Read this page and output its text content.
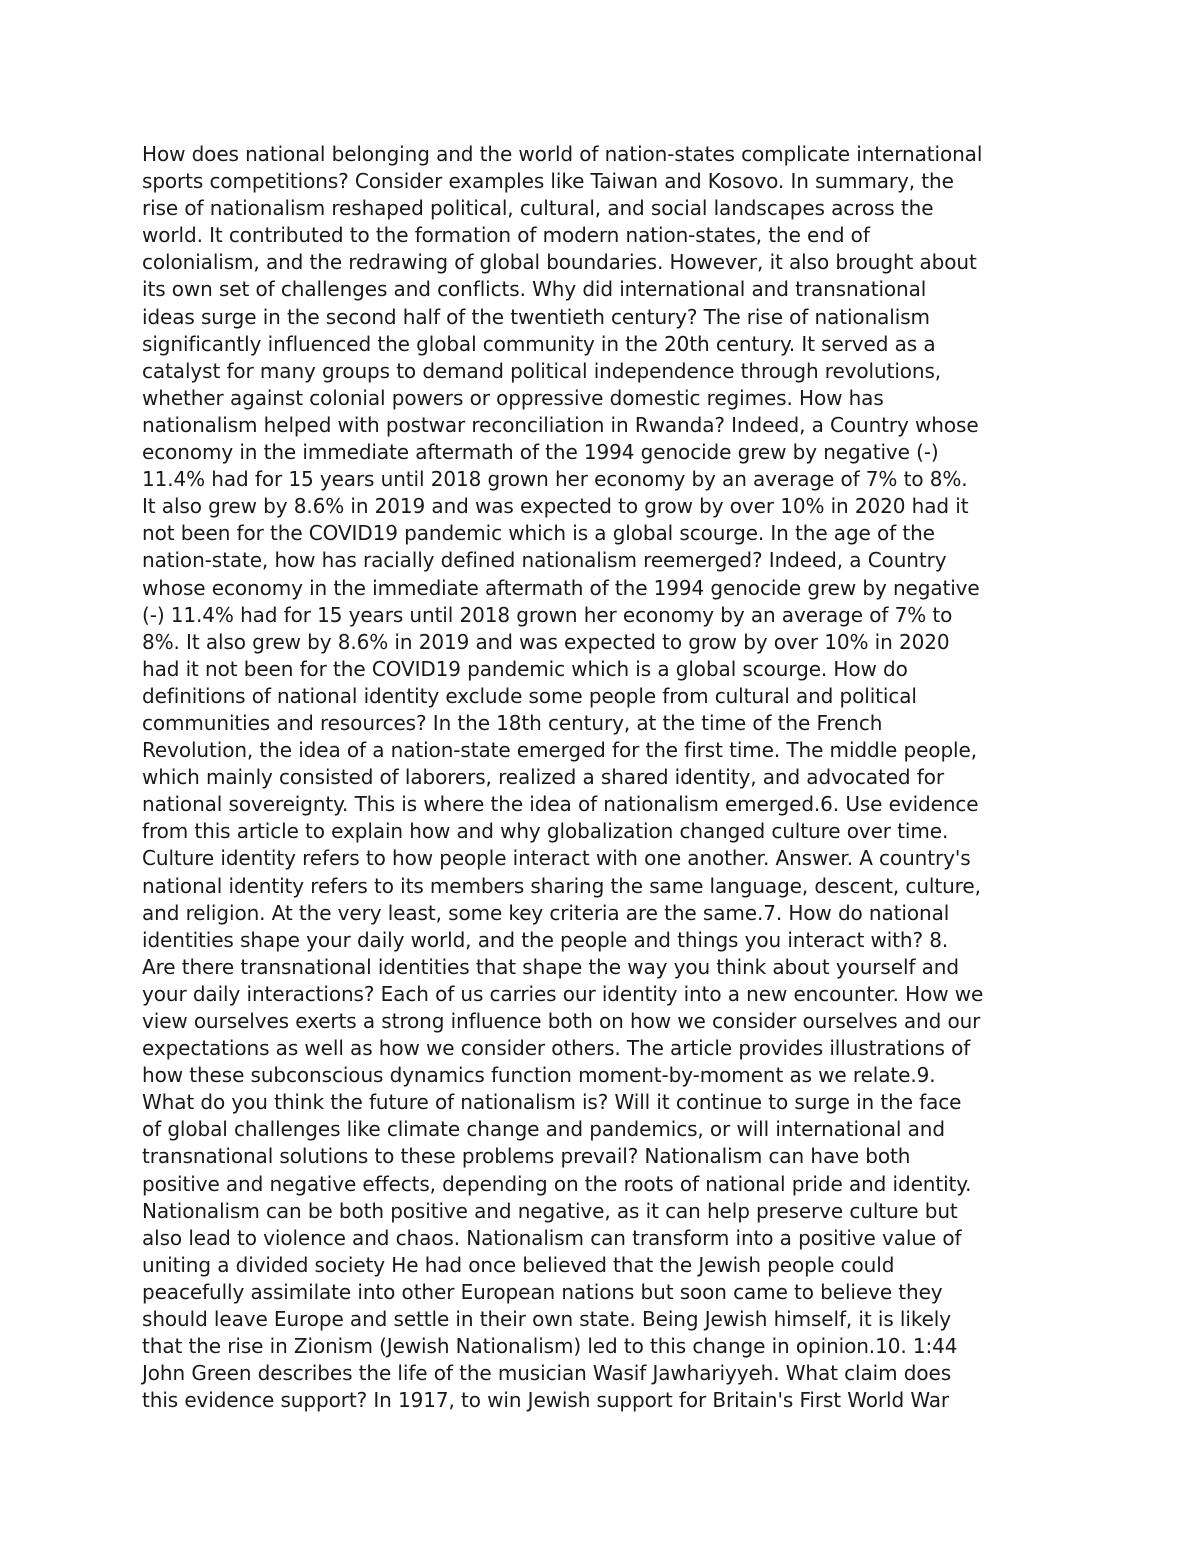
How does national belonging and the world of nation-states complicate international
sports competitions? Consider examples like Taiwan and Kosovo. In summary, the
rise of nationalism reshaped political, cultural, and social landscapes across the
world. It contributed to the formation of modern nation-states, the end of
colonialism, and the redrawing of global boundaries. However, it also brought about
its own set of challenges and conflicts. Why did international and transnational
ideas surge in the second half of the twentieth century? The rise of nationalism
significantly influenced the global community in the 20th century. It served as a
catalyst for many groups to demand political independence through revolutions,
whether against colonial powers or oppressive domestic regimes. How has
nationalism helped with postwar reconciliation in Rwanda? Indeed, a Country whose
economy in the immediate aftermath of the 1994 genocide grew by negative (-)
11.4% had for 15 years until 2018 grown her economy by an average of 7% to 8%.
It also grew by 8.6% in 2019 and was expected to grow by over 10% in 2020 had it
not been for the COVID19 pandemic which is a global scourge. In the age of the
nation-state, how has racially defined nationalism reemerged? Indeed, a Country
whose economy in the immediate aftermath of the 1994 genocide grew by negative
(-) 11.4% had for 15 years until 2018 grown her economy by an average of 7% to
8%. It also grew by 8.6% in 2019 and was expected to grow by over 10% in 2020
had it not been for the COVID19 pandemic which is a global scourge. How do
definitions of national identity exclude some people from cultural and political
communities and resources? In the 18th century, at the time of the French
Revolution, the idea of a nation-state emerged for the first time. The middle people,
which mainly consisted of laborers, realized a shared identity, and advocated for
national sovereignty. This is where the idea of nationalism emerged.6. Use evidence
from this article to explain how and why globalization changed culture over time.
Culture identity refers to how people interact with one another. Answer. A country's
national identity refers to its members sharing the same language, descent, culture,
and religion. At the very least, some key criteria are the same.7. How do national
identities shape your daily world, and the people and things you interact with? 8.
Are there transnational identities that shape the way you think about yourself and
your daily interactions? Each of us carries our identity into a new encounter. How we
view ourselves exerts a strong influence both on how we consider ourselves and our
expectations as well as how we consider others. The article provides illustrations of
how these subconscious dynamics function moment-by-moment as we relate.9.
What do you think the future of nationalism is? Will it continue to surge in the face
of global challenges like climate change and pandemics, or will international and
transnational solutions to these problems prevail? Nationalism can have both
positive and negative effects, depending on the roots of national pride and identity.
Nationalism can be both positive and negative, as it can help preserve culture but
also lead to violence and chaos. Nationalism can transform into a positive value of
uniting a divided society He had once believed that the Jewish people could
peacefully assimilate into other European nations but soon came to believe they
should leave Europe and settle in their own state. Being Jewish himself, it is likely
that the rise in Zionism (Jewish Nationalism) led to this change in opinion.10. 1:44
John Green describes the life of the musician Wasif Jawhariyyeh. What claim does
this evidence support? In 1917, to win Jewish support for Britain's First World War
